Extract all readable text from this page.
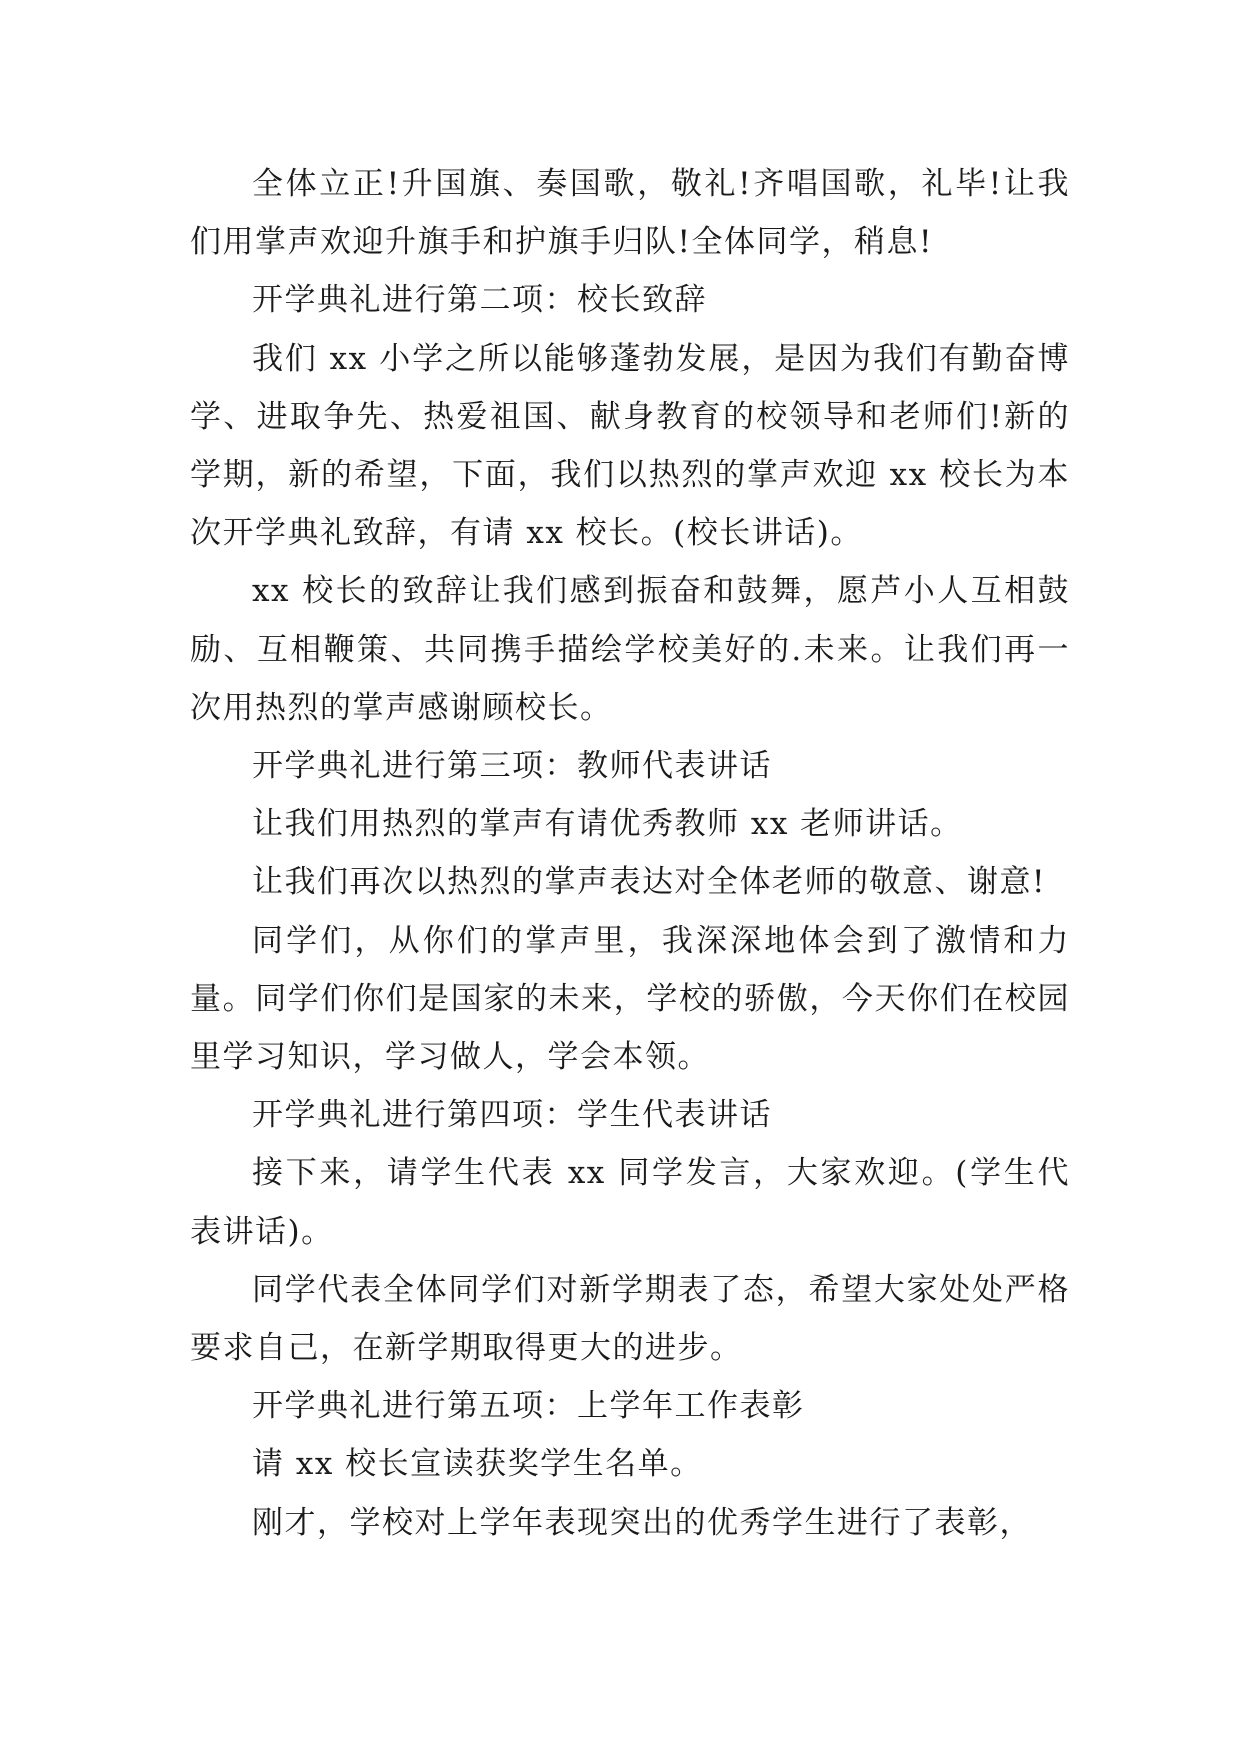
全体立正!升国旗、奏国歌，敬礼!齐唱国歌，礼毕!让我们用掌声欢迎升旗手和护旗手归队!全体同学，稍息!

开学典礼进行第二项：校长致辞

我们 xx 小学之所以能够蓬勃发展，是因为我们有勤奋博学、进取争先、热爱祖国、献身教育的校领导和老师们!新的学期，新的希望，下面，我们以热烈的掌声欢迎 xx 校长为本次开学典礼致辞，有请 xx 校长。(校长讲话)。

xx 校长的致辞让我们感到振奋和鼓舞，愿芦小人互相鼓励、互相鞭策、共同携手描绘学校美好的.未来。让我们再一次用热烈的掌声感谢顾校长。

开学典礼进行第三项：教师代表讲话

让我们用热烈的掌声有请优秀教师 xx 老师讲话。

让我们再次以热烈的掌声表达对全体老师的敬意、谢意!

同学们，从你们的掌声里，我深深地体会到了激情和力量。同学们你们是国家的未来，学校的骄傲，今天你们在校园里学习知识，学习做人，学会本领。

开学典礼进行第四项：学生代表讲话

接下来，请学生代表 xx 同学发言，大家欢迎。(学生代表讲话)。

同学代表全体同学们对新学期表了态，希望大家处处严格要求自己，在新学期取得更大的进步。

开学典礼进行第五项：上学年工作表彰

请 xx 校长宣读获奖学生名单。

刚才，学校对上学年表现突出的优秀学生进行了表彰，
